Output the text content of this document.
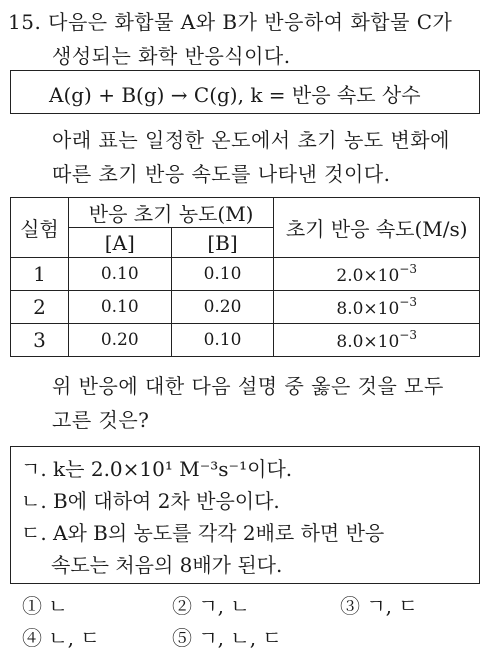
15. 다음은 화합물 A와 B가 반응하여 화합물 C가
생성되는 화학 반응식이다.
A(g) + B(g) → C(g), k = 반응 속도 상수
아래 표는 일정한 온도에서 초기 농도 변화에
따른 초기 반응 속도를 나타낸 것이다.
실험	반응 초기 농도(M)		초기 반응 속도(M/s)
	[A]	[B]	
1	0.10	0.10	$2.0\times 10^{-3}$
2	0.10	0.20	$8.0\times 10^{-3}$
3	0.20	0.10	$8.0\times 10^{-3}$
위 반응에 대한 다음 설명 중 옳은 것을 모두
고른 것은?
ㄱ. k는 2.0×10¹ M⁻³s⁻¹이다.
ㄴ. B에 대하여 2차 반응이다.
ㄷ. A와 B의 농도를 각각 2배로 하면 반응
속도는 처음의 8배가 된다.
① ㄴ	② ㄱ, ㄴ	③ ㄱ, ㄷ
④ ㄴ, ㄷ	⑤ ㄱ, ㄴ, ㄷ
